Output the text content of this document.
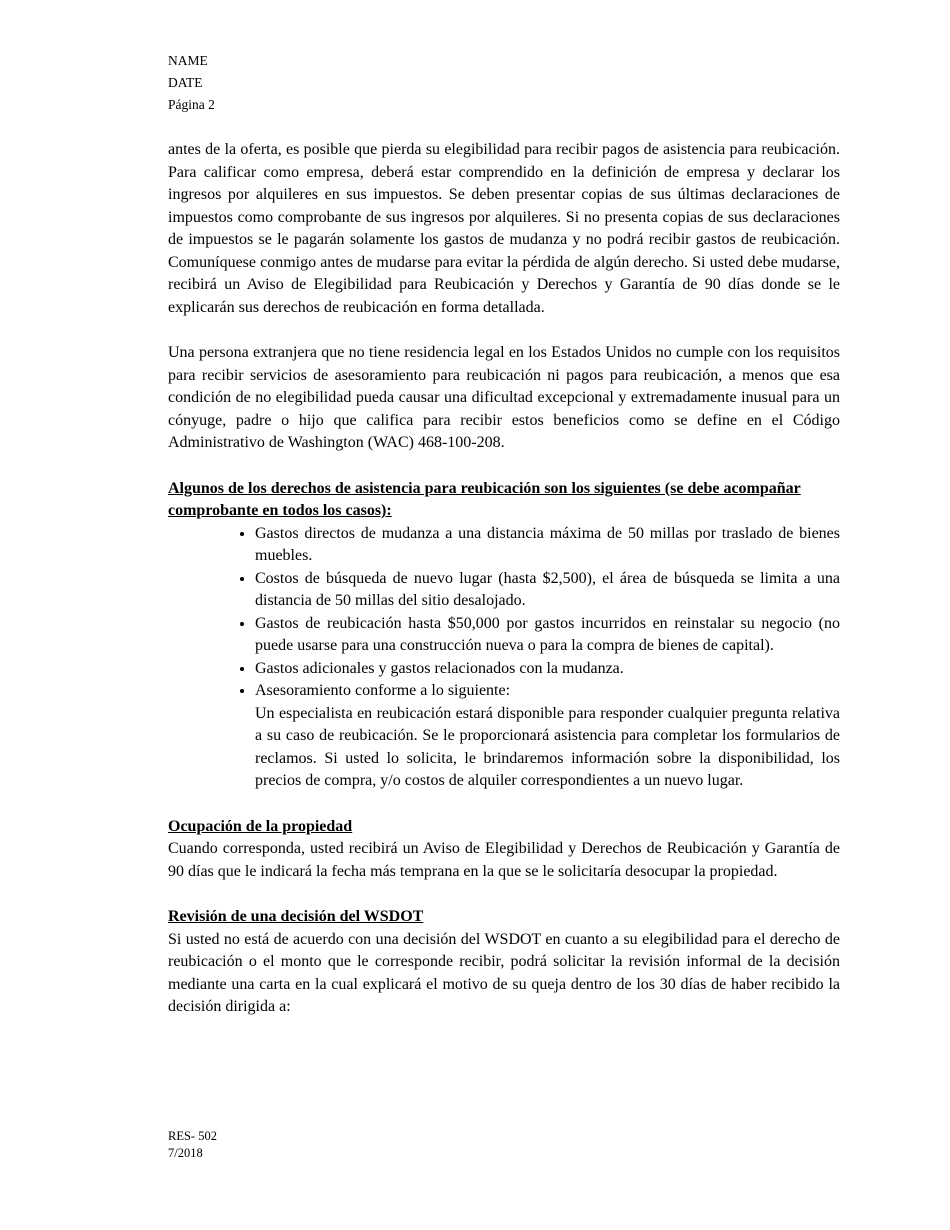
NAME
DATE
Página 2

antes de la oferta, es posible que pierda su elegibilidad para recibir pagos de asistencia para reubicación. Para calificar como empresa, deberá estar comprendido en la definición de empresa y declarar los ingresos por alquileres en sus impuestos. Se deben presentar copias de sus últimas declaraciones de impuestos como comprobante de sus ingresos por alquileres. Si no presenta copias de sus declaraciones de impuestos se le pagarán solamente los gastos de mudanza y no podrá recibir gastos de reubicación. Comuníquese conmigo antes de mudarse para evitar la pérdida de algún derecho. Si usted debe mudarse, recibirá un Aviso de Elegibilidad para Reubicación y Derechos y Garantía de 90 días donde se le explicarán sus derechos de reubicación en forma detallada.

Una persona extranjera que no tiene residencia legal en los Estados Unidos no cumple con los requisitos para recibir servicios de asesoramiento para reubicación ni pagos para reubicación, a menos que esa condición de no elegibilidad pueda causar una dificultad excepcional y extremadamente inusual para un cónyuge, padre o hijo que califica para recibir estos beneficios como se define en el Código Administrativo de Washington (WAC) 468-100-208.

Algunos de los derechos de asistencia para reubicación son los siguientes (se debe acompañar comprobante en todos los casos):
• Gastos directos de mudanza a una distancia máxima de 50 millas por traslado de bienes muebles.
• Costos de búsqueda de nuevo lugar (hasta $2,500), el área de búsqueda se limita a una distancia de 50 millas del sitio desalojado.
• Gastos de reubicación hasta $50,000 por gastos incurridos en reinstalar su negocio (no puede usarse para una construcción nueva o para la compra de bienes de capital).
• Gastos adicionales y gastos relacionados con la mudanza.
• Asesoramiento conforme a lo siguiente:
Un especialista en reubicación estará disponible para responder cualquier pregunta relativa a su caso de reubicación. Se le proporcionará asistencia para completar los formularios de reclamos. Si usted lo solicita, le brindaremos información sobre la disponibilidad, los precios de compra, y/o costos de alquiler correspondientes a un nuevo lugar.
Ocupación de la propiedad

Cuando corresponda, usted recibirá un Aviso de Elegibilidad y Derechos de Reubicación y Garantía de 90 días que le indicará la fecha más temprana en la que se le solicitaría desocupar la propiedad.

Revisión de una decisión del WSDOT

Si usted no está de acuerdo con una decisión del WSDOT en cuanto a su elegibilidad para el derecho de reubicación o el monto que le corresponde recibir, podrá solicitar la revisión informal de la decisión mediante una carta en la cual explicará el motivo de su queja dentro de los 30 días de haber recibido la decisión dirigida a:

RES- 502
7/2018
